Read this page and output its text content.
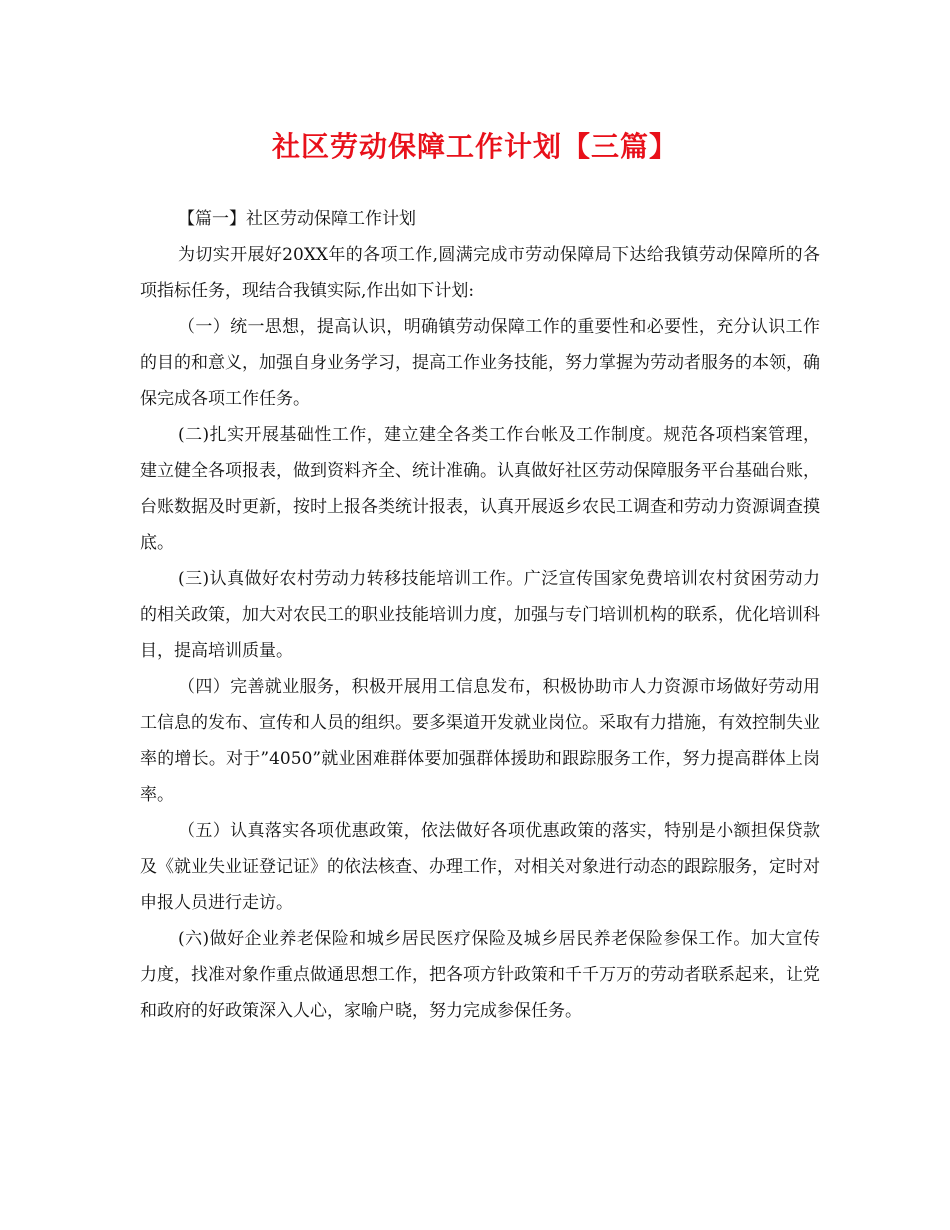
社区劳动保障工作计划【三篇】

【篇一】社区劳动保障工作计划

为切实开展好20XX年的各项工作,圆满完成市劳动保障局下达给我镇劳动保障所的各项指标任务，现结合我镇实际,作出如下计划:

（一）统一思想，提高认识，明确镇劳动保障工作的重要性和必要性，充分认识工作的目的和意义，加强自身业务学习，提高工作业务技能，努力掌握为劳动者服务的本领，确保完成各项工作任务。

(二)扎实开展基础性工作，建立建全各类工作台帐及工作制度。规范各项档案管理，建立健全各项报表，做到资料齐全、统计准确。认真做好社区劳动保障服务平台基础台账，台账数据及时更新，按时上报各类统计报表，认真开展返乡农民工调查和劳动力资源调查摸底。

(三)认真做好农村劳动力转移技能培训工作。广泛宣传国家免费培训农村贫困劳动力的相关政策，加大对农民工的职业技能培训力度，加强与专门培训机构的联系，优化培训科目，提高培训质量。

（四）完善就业服务，积极开展用工信息发布，积极协助市人力资源市场做好劳动用工信息的发布、宣传和人员的组织。要多渠道开发就业岗位。采取有力措施，有效控制失业率的增长。对于”4050”就业困难群体要加强群体援助和跟踪服务工作，努力提高群体上岗率。

（五）认真落实各项优惠政策，依法做好各项优惠政策的落实，特别是小额担保贷款及《就业失业证登记证》的依法核查、办理工作，对相关对象进行动态的跟踪服务，定时对申报人员进行走访。

(六)做好企业养老保险和城乡居民医疗保险及城乡居民养老保险参保工作。加大宣传力度，找准对象作重点做通思想工作，把各项方针政策和千千万万的劳动者联系起来，让党和政府的好政策深入人心，家喻户晓，努力完成参保任务。
